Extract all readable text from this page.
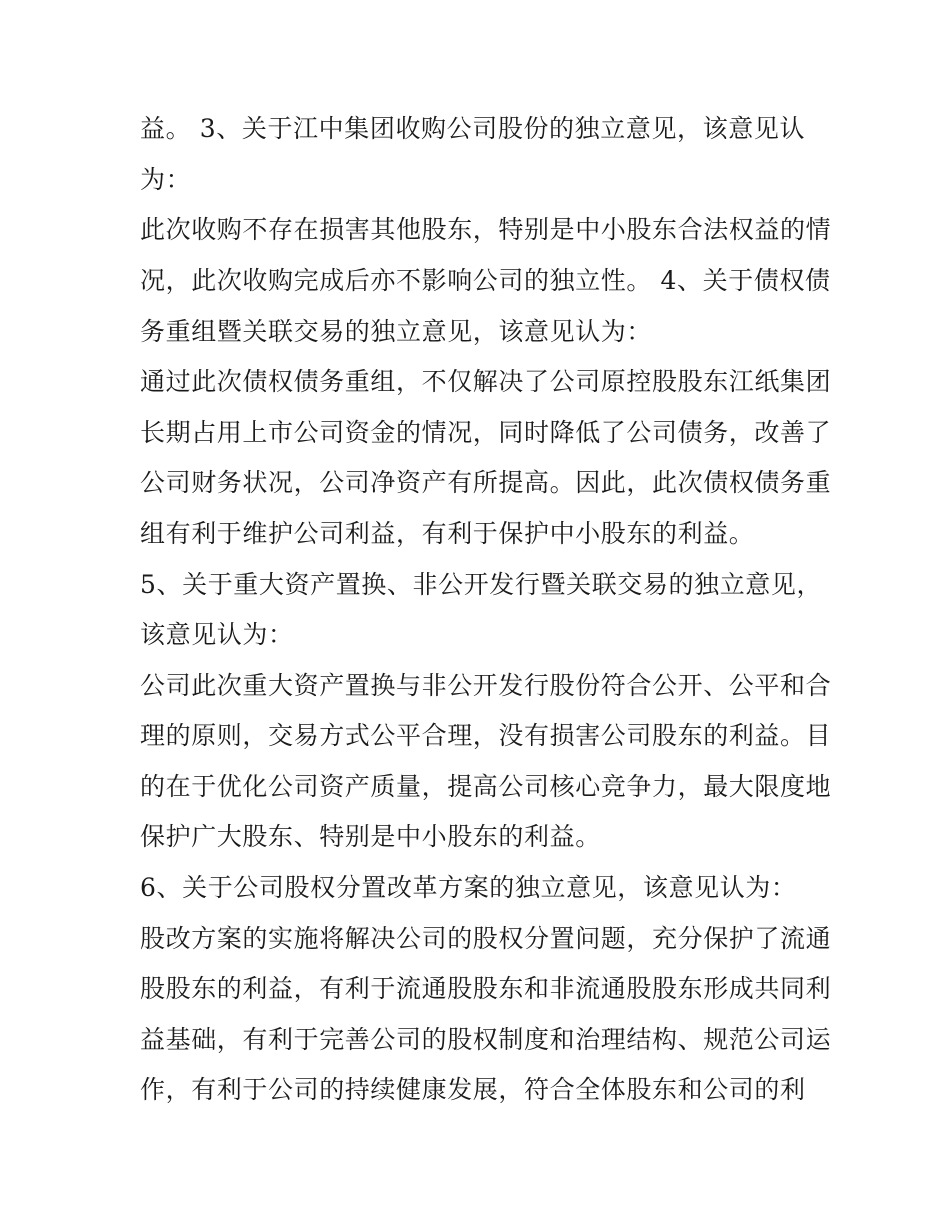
益。 3、关于江中集团收购公司股份的独立意见，该意见认
为：
此次收购不存在损害其他股东，特别是中小股东合法权益的情
况，此次收购完成后亦不影响公司的独立性。 4、关于债权债
务重组暨关联交易的独立意见，该意见认为：
通过此次债权债务重组，不仅解决了公司原控股股东江纸集团
长期占用上市公司资金的情况，同时降低了公司债务，改善了
公司财务状况，公司净资产有所提高。因此，此次债权债务重
组有利于维护公司利益，有利于保护中小股东的利益。
5、关于重大资产置换、非公开发行暨关联交易的独立意见，
该意见认为：
公司此次重大资产置换与非公开发行股份符合公开、公平和合
理的原则，交易方式公平合理，没有损害公司股东的利益。目
的在于优化公司资产质量，提高公司核心竞争力，最大限度地
保护广大股东、特别是中小股东的利益。
6、关于公司股权分置改革方案的独立意见，该意见认为：
股改方案的实施将解决公司的股权分置问题，充分保护了流通
股股东的利益，有利于流通股股东和非流通股股东形成共同利
益基础，有利于完善公司的股权制度和治理结构、规范公司运
作，有利于公司的持续健康发展，符合全体股东和公司的利
